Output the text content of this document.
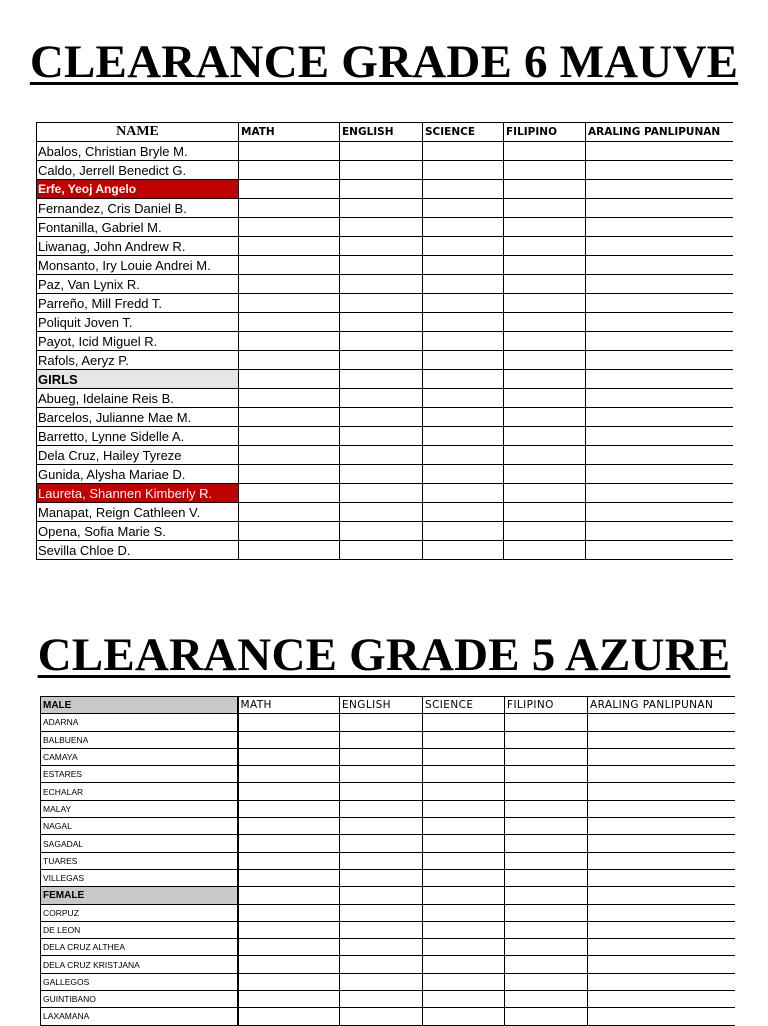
CLEARANCE GRADE 6 MAUVE
NAME	MATH	ENGLISH	SCIENCE	FILIPINO	ARALING PANLIPUNAN
Abalos, Christian Bryle M.					
Caldo, Jerrell Benedict G.					
Erfe, Yeoj Angelo					
Fernandez, Cris Daniel B.					
Fontanilla, Gabriel M.					
Liwanag, John Andrew R.					
Monsanto, Iry Louie Andrei M.					
Paz, Van Lynix R.					
Parreño, Mill Fredd T.					
Poliquit Joven T.					
Payot, Icid Miguel R.					
Rafols, Aeryz P.					
GIRLS					
Abueg, Idelaine Reis B.					
Barcelos, Julianne Mae M.					
Barretto, Lynne Sidelle A.					
Dela Cruz, Hailey Tyreze					
Gunida, Alysha Mariae D.					
Laureta, Shannen Kimberly R.					
Manapat, Reign Cathleen V.					
Opena, Sofia Marie S.					
Sevilla Chloe D.					
CLEARANCE GRADE 5 AZURE
MALE	MATH	ENGLISH	SCIENCE	FILIPINO	ARALING PANLIPUNAN
ADARNA					
BALBUENA					
CAMAYA					
ESTARES					
ECHALAR					
MALAY					
NAGAL					
SAGADAL					
TUARES					
VILLEGAS					
FEMALE					
CORPUZ					
DE LEON					
DELA CRUZ ALTHEA					
DELA CRUZ KRISTJANA					
GALLEGOS					
GUINTIBANO					
LAXAMANA					
